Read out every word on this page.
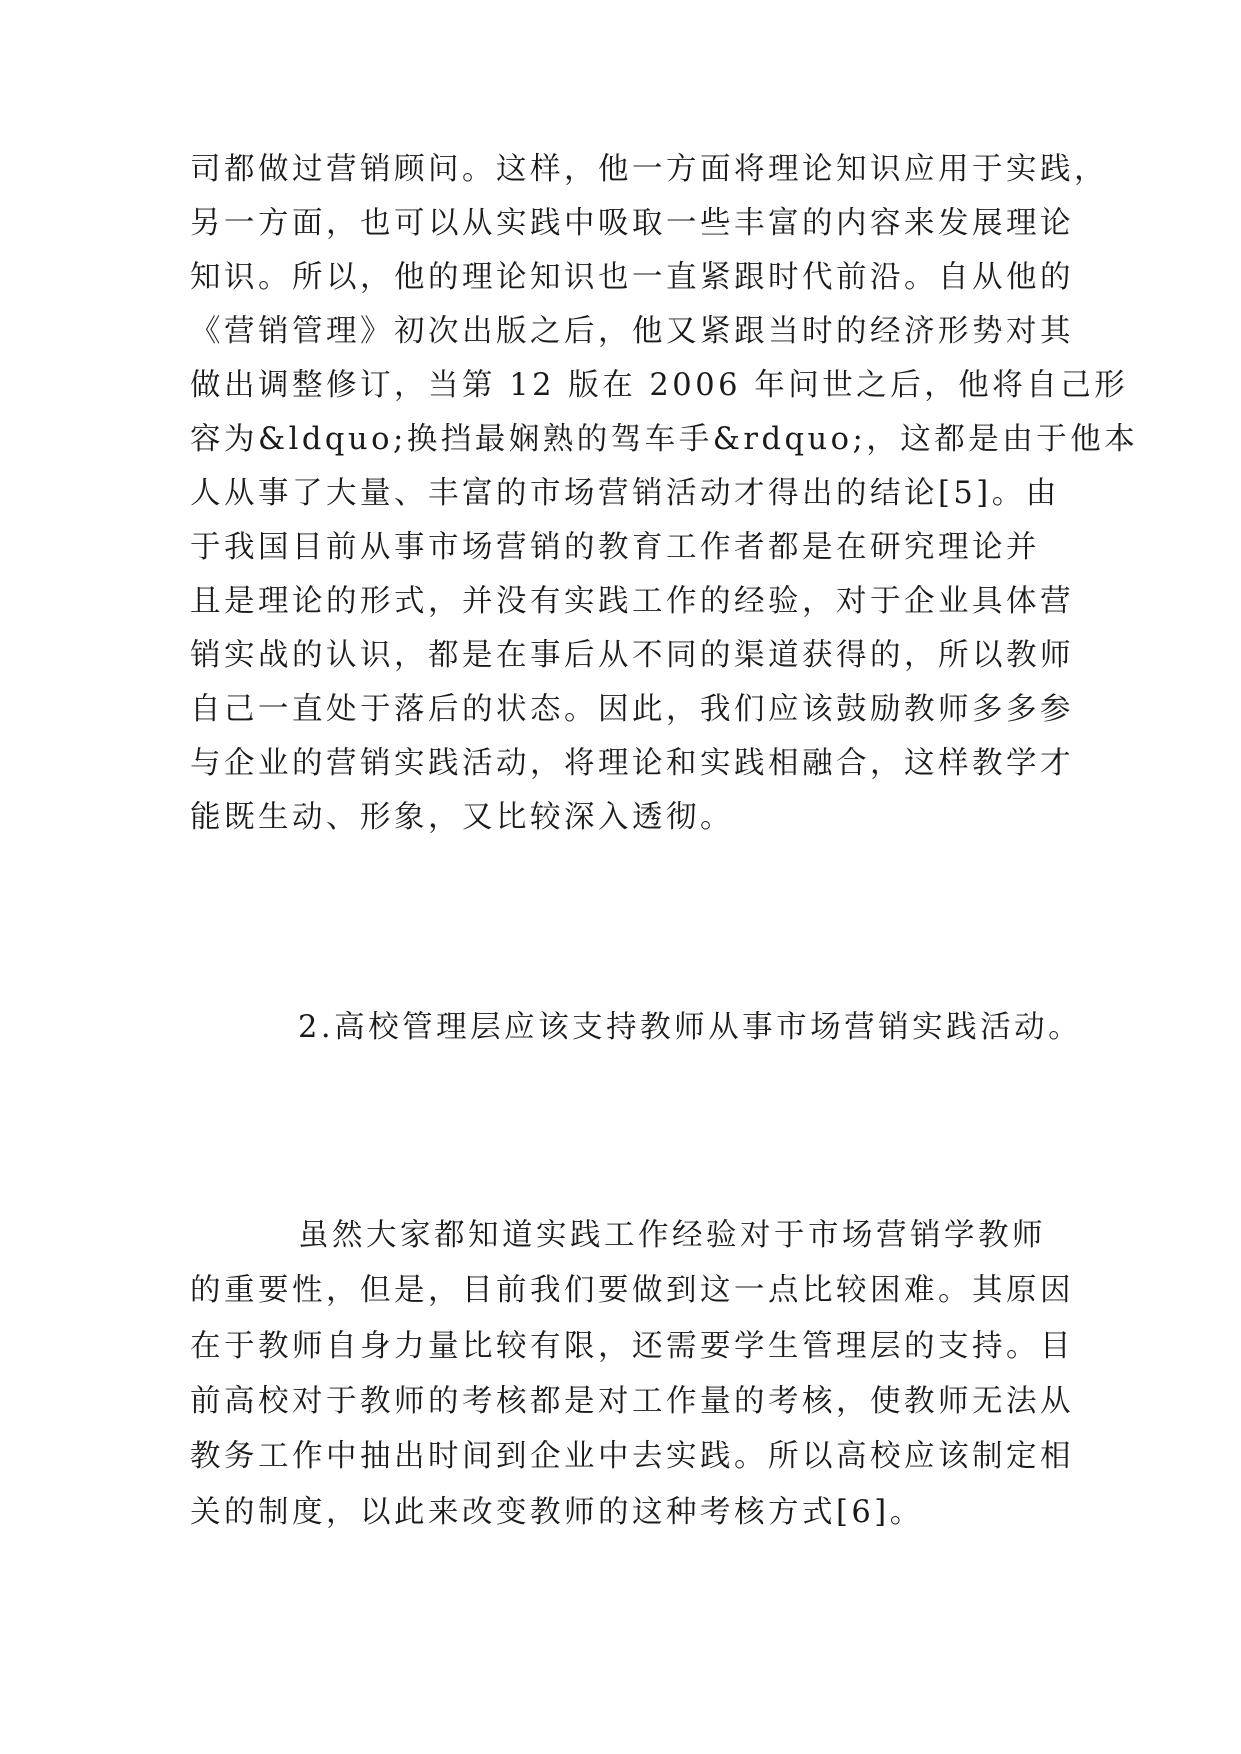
司都做过营销顾问。这样，他一方面将理论知识应用于实践，
另一方面，也可以从实践中吸取一些丰富的内容来发展理论
知识。所以，他的理论知识也一直紧跟时代前沿。自从他的
《营销管理》初次出版之后，他又紧跟当时的经济形势对其
做出调整修订，当第 12 版在 2006 年问世之后，他将自己形
容为&ldquo;换挡最娴熟的驾车手&rdquo;，这都是由于他本
人从事了大量、丰富的市场营销活动才得出的结论[5]。由
于我国目前从事市场营销的教育工作者都是在研究理论并
且是理论的形式，并没有实践工作的经验，对于企业具体营
销实战的认识，都是在事后从不同的渠道获得的，所以教师
自己一直处于落后的状态。因此，我们应该鼓励教师多多参
与企业的营销实践活动，将理论和实践相融合，这样教学才
能既生动、形象，又比较深入透彻。
2.高校管理层应该支持教师从事市场营销实践活动。
虽然大家都知道实践工作经验对于市场营销学教师
的重要性，但是，目前我们要做到这一点比较困难。其原因
在于教师自身力量比较有限，还需要学生管理层的支持。目
前高校对于教师的考核都是对工作量的考核，使教师无法从
教务工作中抽出时间到企业中去实践。所以高校应该制定相
关的制度，以此来改变教师的这种考核方式[6]。
